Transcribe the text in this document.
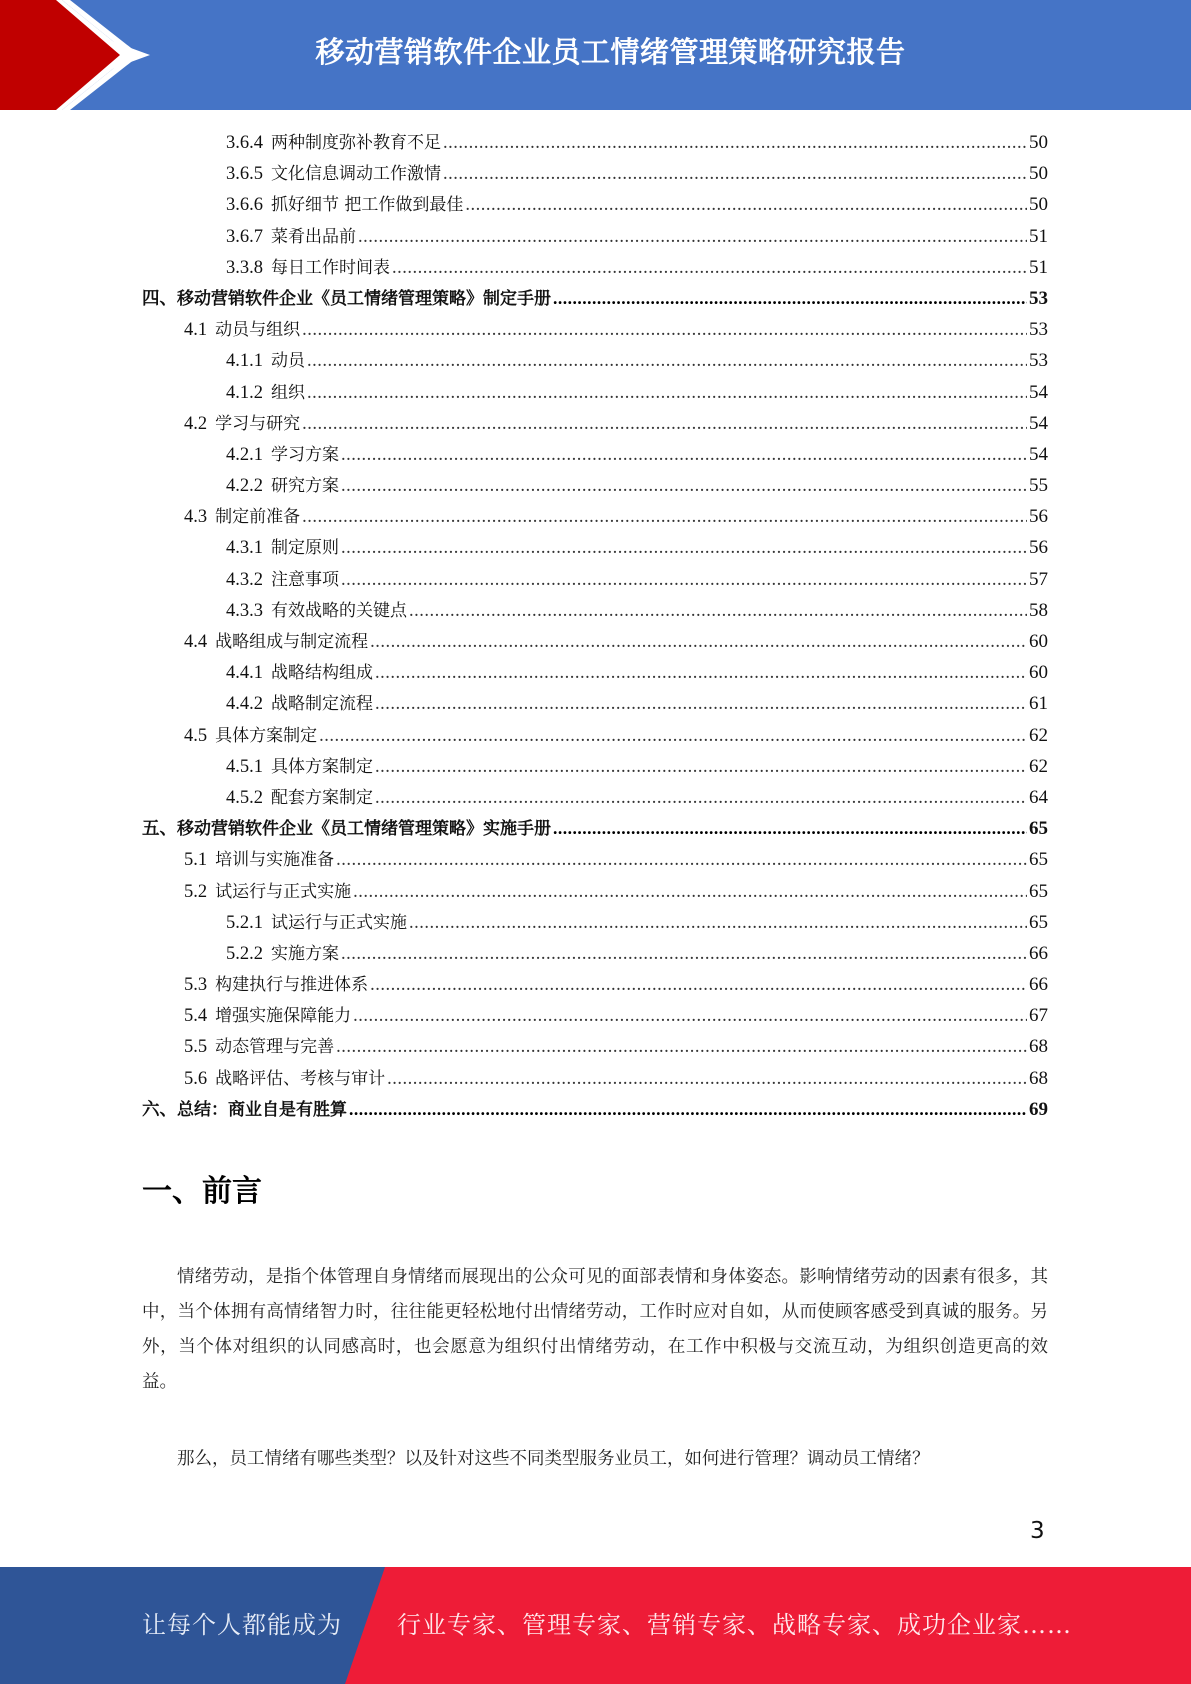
移动营销软件企业员工情绪管理策略研究报告
3.6.4 两种制度弥补教育不足 .....	50
3.6.5 文化信息调动工作激情 .....	50
3.6.6 抓好细节 把工作做到最佳 .....	50
3.6.7 菜肴出品前 .....	51
3.3.8 每日工作时间表 .....	51
四、 移动营销软件企业《员工情绪管理策略》制定手册 .....	53
4.1 动员与组织 .....	53
4.1.1 动员 .....	53
4.1.2 组织 .....	54
4.2 学习与研究 .....	54
4.2.1 学习方案 .....	54
4.2.2 研究方案 .....	55
4.3 制定前准备 .....	56
4.3.1 制定原则 .....	56
4.3.2 注意事项 .....	57
4.3.3 有效战略的关键点 .....	58
4.4 战略组成与制定流程 .....	60
4.4.1 战略结构组成 .....	60
4.4.2 战略制定流程 .....	61
4.5 具体方案制定 .....	62
4.5.1 具体方案制定 .....	62
4.5.2 配套方案制定 .....	64
五、 移动营销软件企业《员工情绪管理策略》实施手册 .....	65
5.1 培训与实施准备 .....	65
5.2 试运行与正式实施 .....	65
5.2.1 试运行与正式实施 .....	65
5.2.2 实施方案 .....	66
5.3 构建执行与推进体系 .....	66
5.4 增强实施保障能力 .....	67
5.5 动态管理与完善 .....	68
5.6 战略评估、考核与审计 .....	68
六、 总结：商业自是有胜算 .....	69
一、前言

情绪劳动，是指个体管理自身情绪而展现出的公众可见的面部表情和身体姿态。影响情绪劳动的因素有很多，其中，当个体拥有高情绪智力时，往往能更轻松地付出情绪劳动，工作时应对自如，从而使顾客感受到真诚的服务。另外，当个体对组织的认同感高时，也会愿意为组织付出情绪劳动，在工作中积极与交流互动，为组织创造更高的效益。

那么，员工情绪有哪些类型？以及针对这些不同类型服务业员工，如何进行管理？调动员工情绪？

3
让每个人都能成为 行业专家、管理专家、营销专家、战略专家、成功企业家……
